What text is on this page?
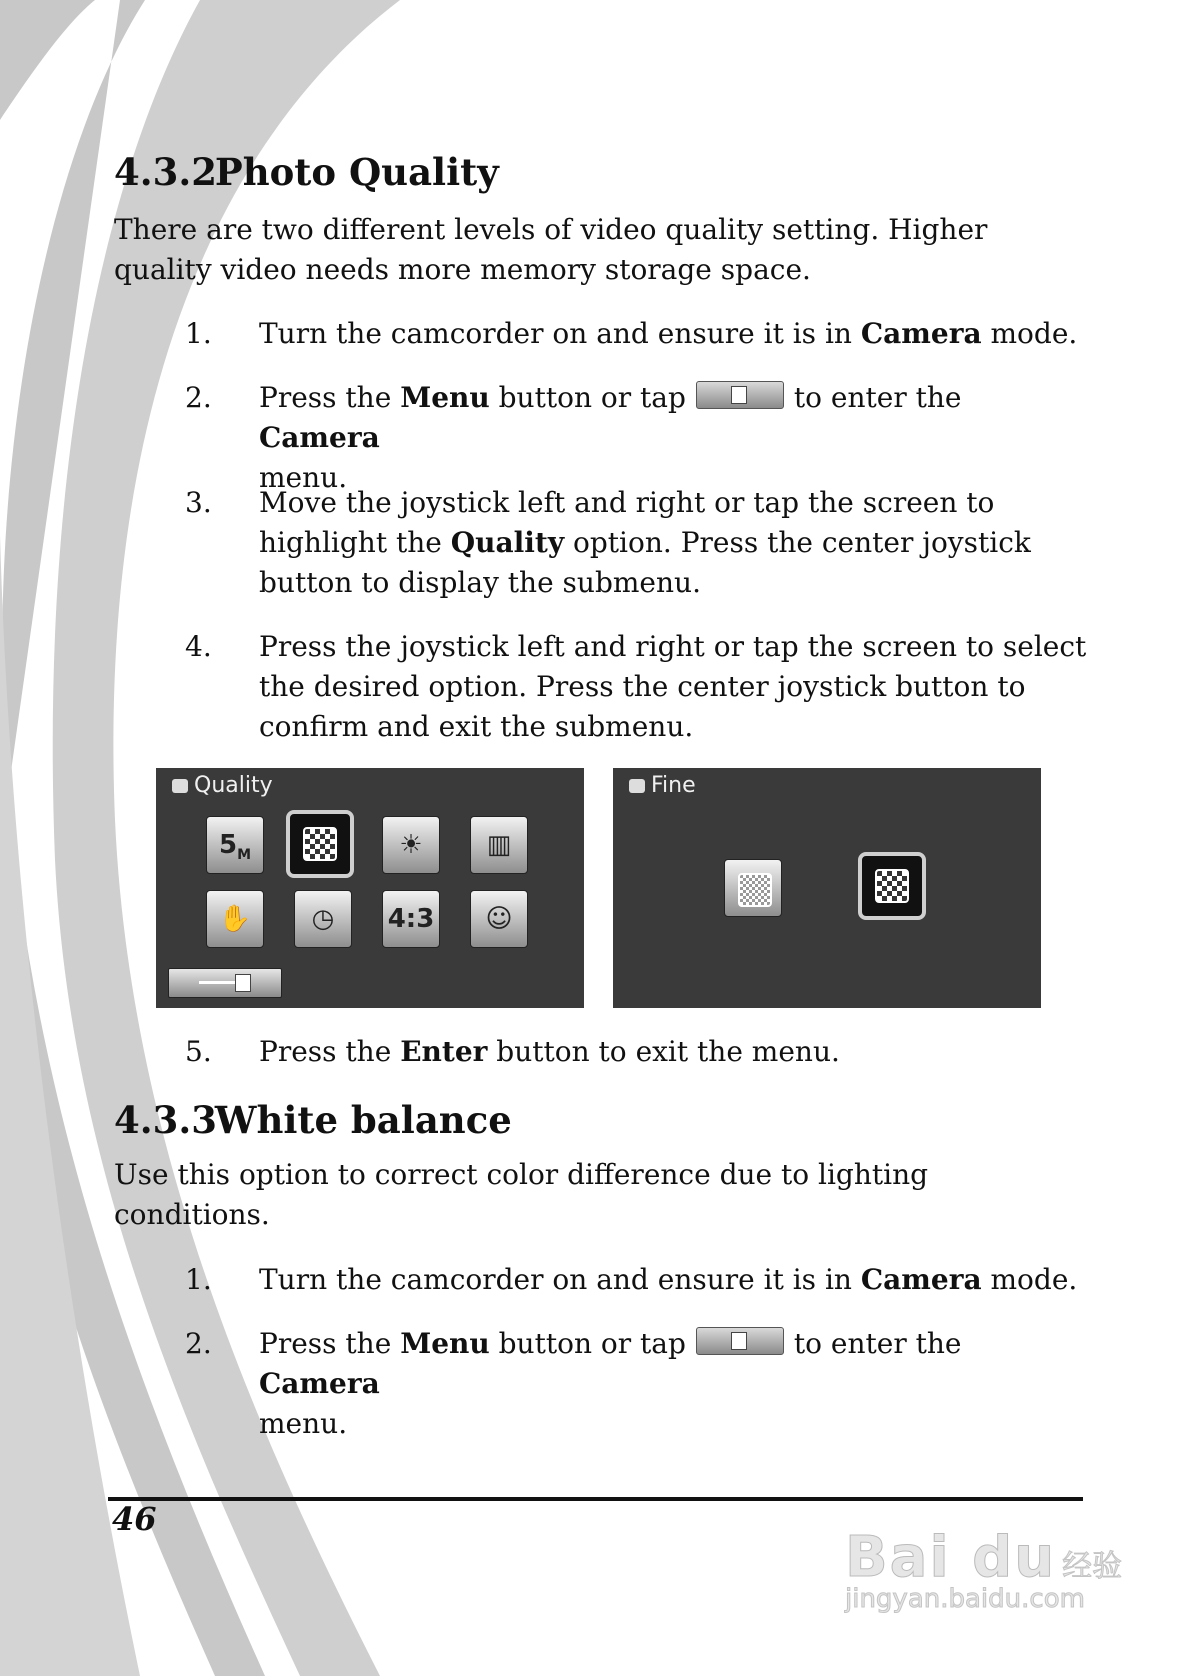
4.3.2 Photo Quality

There are two different levels of video quality setting. Higher
quality video needs more memory storage space.

1.	Turn the camcorder on and ensure it is in Camera mode.
2.	Press the Menu button or tap	to enter the Camera
menu.
3.	Move the joystick left and right or tap the screen to
highlight the Quality option. Press the center joystick
button to display the submenu.
4.	Press the joystick left and right or tap the screen to select
the desired option. Press the center joystick button to
confirm and exit the submenu.
Quality
$5_M$	☀	▥
✋	◷	4:3	☺
Fine
5.	Press the Enter button to exit the menu.
4.3.3 White balance

Use this option to correct color difference due to lighting
conditions.

1.	Turn the camcorder on and ensure it is in Camera mode.
2.	Press the Menu button or tap	to enter the Camera
menu.
46
Bai du 经验
jingyan.baidu.com
